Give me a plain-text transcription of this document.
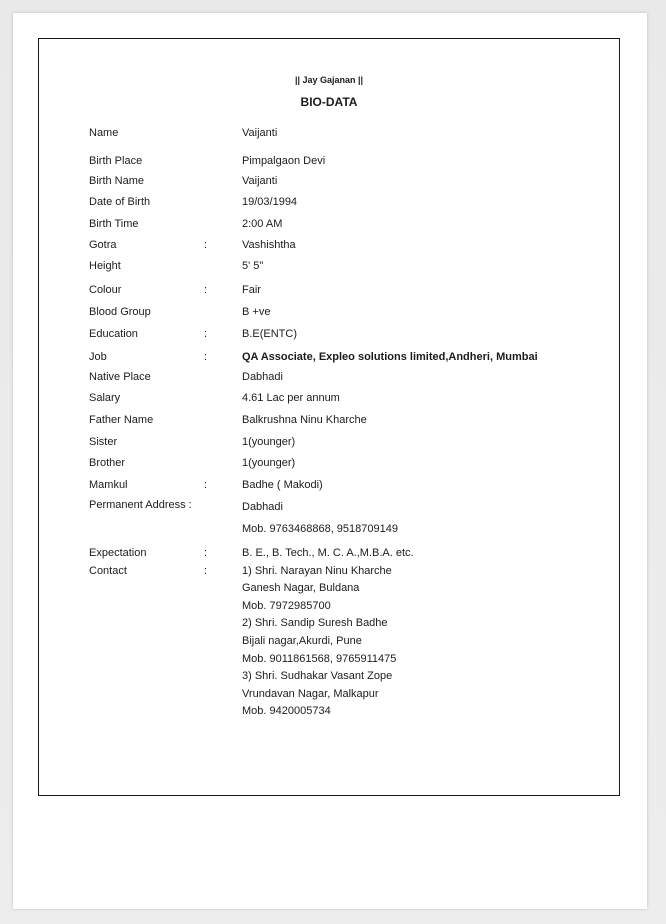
|| Jay Gajanan ||
BIO-DATA
Name	Vaijanti
Birth Place	Pimpalgaon Devi
Birth Name	Vaijanti
Date of Birth	19/03/1994
Birth Time	2:00 AM
Gotra	:	Vashishtha
Height	5' 5"
Colour	:	Fair
Blood Group	B +ve
Education	:	B.E(ENTC)
Job	:	QA Associate, Expleo solutions limited,Andheri, Mumbai
Native Place	Dabhadi
Salary	4.61 Lac per annum
Father Name	Balkrushna Ninu Kharche
Sister	1(younger)
Brother	1(younger)
Mamkul	:	Badhe ( Makodi)
Permanent Address :	Dabhadi
Mob. 9763468868, 9518709149
Expectation	:	B. E., B. Tech., M. C. A.,M.B.A. etc.
Contact	:	1) Shri. Narayan Ninu Kharche
Ganesh Nagar, Buldana
Mob. 7972985700
2) Shri. Sandip Suresh Badhe
Bijali nagar,Akurdi, Pune
Mob. 9011861568, 9765911475
3) Shri. Sudhakar Vasant Zope
Vrundavan Nagar, Malkapur
Mob. 9420005734
